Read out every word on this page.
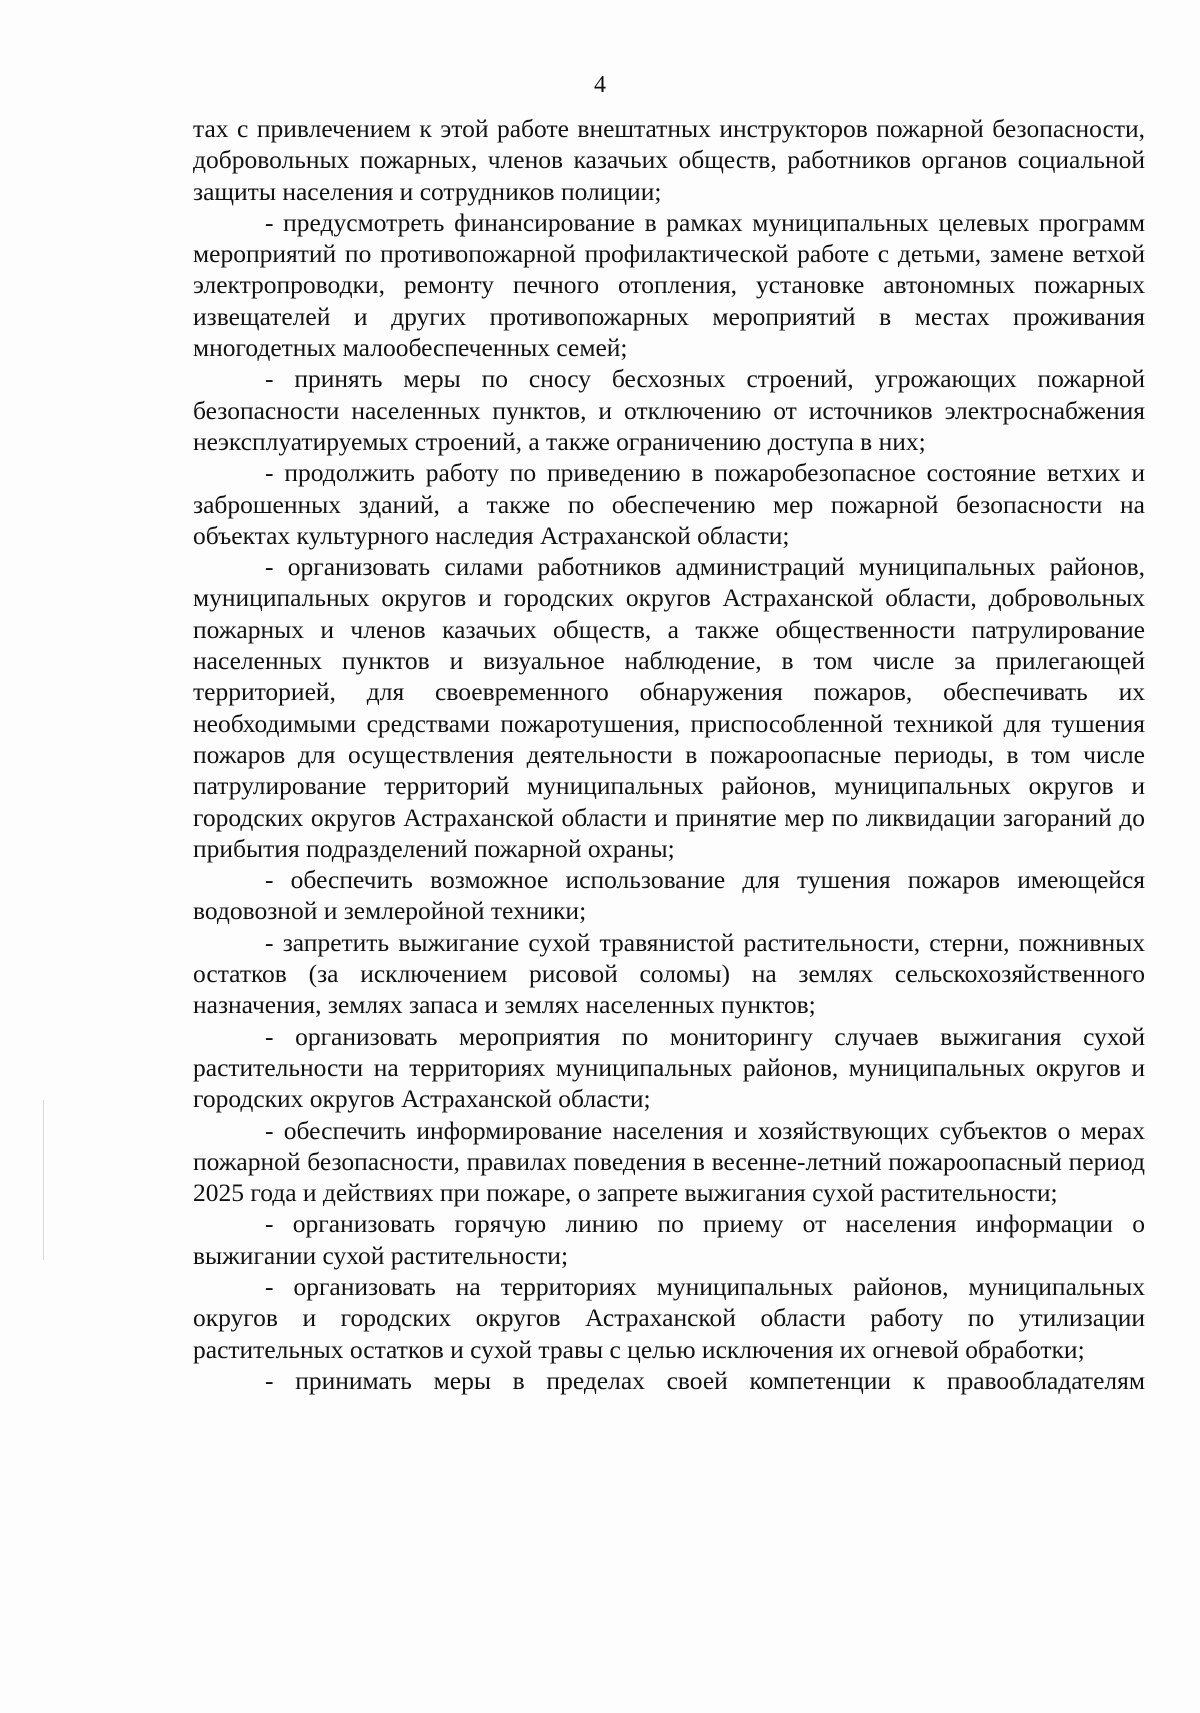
4

тах с привлечением к этой работе внештатных инструкторов пожарной безопасности, добровольных пожарных, членов казачьих обществ, работников органов социальной защиты населения и сотрудников полиции;

- предусмотреть финансирование в рамках муниципальных целевых программ мероприятий по противопожарной профилактической работе с детьми, замене ветхой электропроводки, ремонту печного отопления, установке автономных пожарных извещателей и других противопожарных мероприятий в местах проживания многодетных малообеспеченных семей;

- принять меры по сносу бесхозных строений, угрожающих пожарной безопасности населенных пунктов, и отключению от источников электроснабжения неэксплуатируемых строений, а также ограничению доступа в них;

- продолжить работу по приведению в пожаробезопасное состояние ветхих и заброшенных зданий, а также по обеспечению мер пожарной безопасности на объектах культурного наследия Астраханской области;

- организовать силами работников администраций муниципальных районов, муниципальных округов и городских округов Астраханской области, добровольных пожарных и членов казачьих обществ, а также общественности патрулирование населенных пунктов и визуальное наблюдение, в том числе за прилегающей территорией, для своевременного обнаружения пожаров, обеспечивать их необходимыми средствами пожаротушения, приспособленной техникой для тушения пожаров для осуществления деятельности в пожароопасные периоды, в том числе патрулирование территорий муниципальных районов, муниципальных округов и городских округов Астраханской области и принятие мер по ликвидации загораний до прибытия подразделений пожарной охраны;

- обеспечить возможное использование для тушения пожаров имеющейся водовозной и землеройной техники;

- запретить выжигание сухой травянистой растительности, стерни, пожнивных остатков (за исключением рисовой соломы) на землях сельскохозяйственного назначения, землях запаса и землях населенных пунктов;

- организовать мероприятия по мониторингу случаев выжигания сухой растительности на территориях муниципальных районов, муниципальных округов и городских округов Астраханской области;

- обеспечить информирование населения и хозяйствующих субъектов о мерах пожарной безопасности, правилах поведения в весенне-летний пожароопасный период 2025 года и действиях при пожаре, о запрете выжигания сухой растительности;

- организовать горячую линию по приему от населения информации о выжигании сухой растительности;

- организовать на территориях муниципальных районов, муниципальных округов и городских округов Астраханской области работу по утилизации растительных остатков и сухой травы с целью исключения их огневой обработки;

- принимать меры в пределах своей компетенции к правообладателям
